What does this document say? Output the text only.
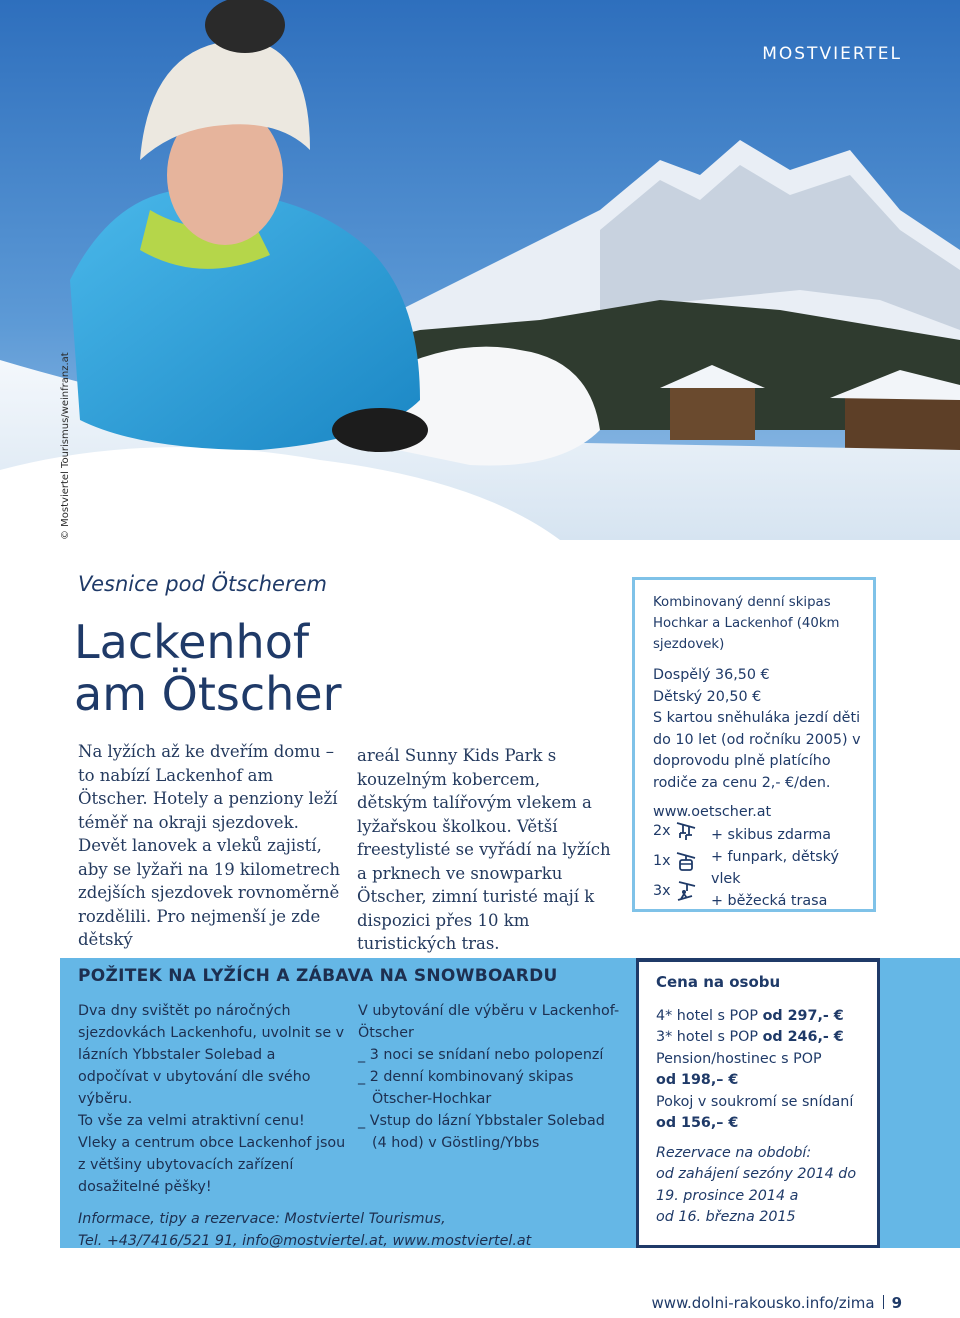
MOSTVIERTEL
© Mostviertel Tourismus/weinfranz.at
Vesnice pod Ötscherem
Lackenhof
am Ötscher
Na lyžích až ke dveřím domu – to nabízí Lackenhof am Ötscher. Hotely a penziony leží téměř na okraji sjezdovek. Devět lanovek a vleků zajistí, aby se lyžaři na 19 kilometrech zdejších sjezdovek rovnoměrně rozdělili. Pro nejmenší je zde dětský
areál Sunny Kids Park s kouzelným kobercem, dětským talířovým vlekem a lyžařskou školkou. Větší freestylisté se vyřádí na lyžích a prknech ve snowparku Ötscher, zimní turisté mají k dispozici přes 10 km turistických tras.
Kombinovaný denní skipas Hochkar a Lackenhof (40km sjezdovek)
Dospělý 36,50 €
Dětský 20,50 €
S kartou sněhuláka jezdí děti do 10 let (od ročníku 2005) v doprovodu plně platícího rodiče za cenu 2,- €/den.
www.oetscher.at
2x
1x
3x
+ skibus zdarma
+ funpark, dětský vlek
+ běžecká trasa
POŽITEK NA LYŽÍCH A ZÁBAVA NA SNOWBOARDU
Dva dny svištět po náročných sjezdovkách Lackenhofu, uvolnit se v lázních Ybbstaler Solebad a odpočívat v ubytování dle svého výběru.
To vše za velmi atraktivní cenu!
Vleky a centrum obce Lackenhof jsou z většiny ubytovacích zařízení dosažitelné pěšky!
V ubytování dle výběru v Lackenhof-Ötscher
_ 3 noci se snídaní nebo polopenzí
_ 2 denní kombinovaný skipas
Ötscher-Hochkar
_ Vstup do lázní Ybbstaler Solebad
(4 hod) v Göstling/Ybbs
Informace, tipy a rezervace: Mostviertel Tourismus,
Tel. +43/7416/521 91, info@mostviertel.at, www.mostviertel.at
Cena na osobu
4* hotel s POP od 297,- €
3* hotel s POP od 246,- €
Pension/hostinec s POP
od 198,– €
Pokoj v soukromí se snídaní
od 156,– €
Rezervace na období:
od zahájení sezóny 2014 do
19. prosince 2014 a
od 16. března 2015
www.dolni-rakousko.info/zima 9
